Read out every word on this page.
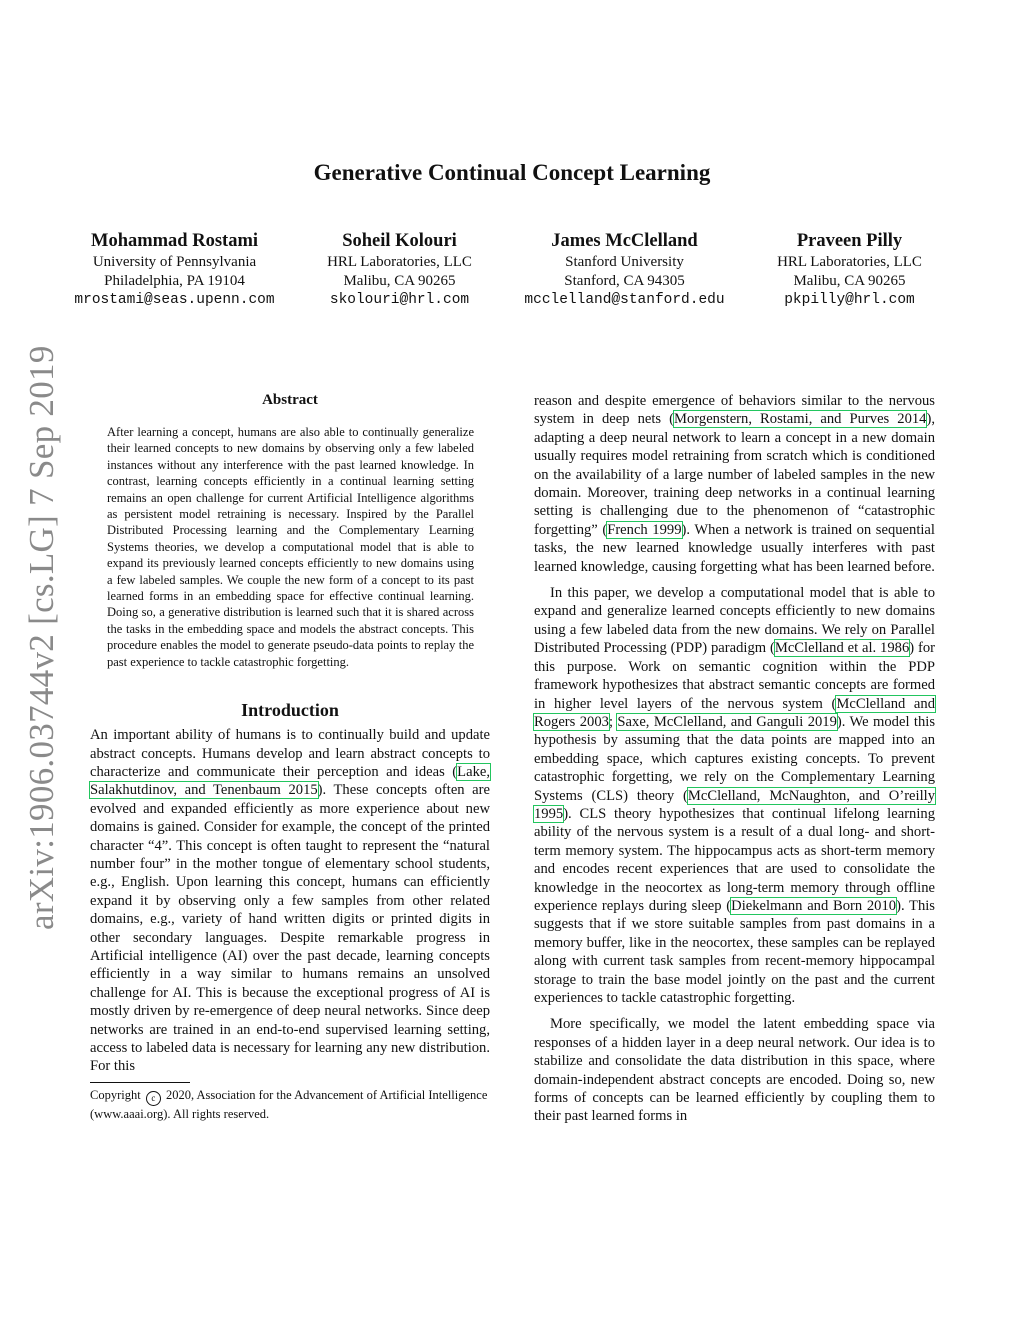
arXiv:1906.03744v2 [cs.LG] 7 Sep 2019
Generative Continual Concept Learning
Mohammad Rostami
University of Pennsylvania
Philadelphia, PA 19104
mrostami@seas.upenn.com
Soheil Kolouri
HRL Laboratories, LLC
Malibu, CA 90265
skolouri@hrl.com
James McClelland
Stanford University
Stanford, CA 94305
mcclelland@stanford.edu
Praveen Pilly
HRL Laboratories, LLC
Malibu, CA 90265
pkpilly@hrl.com
Abstract
After learning a concept, humans are also able to continually generalize their learned concepts to new domains by observing only a few labeled instances without any interference with the past learned knowledge. In contrast, learning concepts efficiently in a continual learning setting remains an open challenge for current Artificial Intelligence algorithms as persistent model retraining is necessary. Inspired by the Parallel Distributed Processing learning and the Complementary Learning Systems theories, we develop a computational model that is able to expand its previously learned concepts efficiently to new domains using a few labeled samples. We couple the new form of a concept to its past learned forms in an embedding space for effective continual learning. Doing so, a generative distribution is learned such that it is shared across the tasks in the embedding space and models the abstract concepts. This procedure enables the model to generate pseudo-data points to replay the past experience to tackle catastrophic forgetting.
Introduction

An important ability of humans is to continually build and update abstract concepts. Humans develop and learn abstract concepts to characterize and communicate their perception and ideas (Lake, Salakhutdinov, and Tenenbaum 2015). These concepts often are evolved and expanded efficiently as more experience about new domains is gained. Consider for example, the concept of the printed character “4”. This concept is often taught to represent the “natural number four” in the mother tongue of elementary school students, e.g., English. Upon learning this concept, humans can efficiently expand it by observing only a few samples from other related domains, e.g., variety of hand written digits or printed digits in other secondary languages. Despite remarkable progress in Artificial intelligence (AI) over the past decade, learning concepts efficiently in a way similar to humans remains an unsolved challenge for AI. This is because the exceptional progress of AI is mostly driven by re-emergence of deep neural networks. Since deep networks are trained in an end-to-end supervised learning setting, access to labeled data is necessary for learning any new distribution. For this

Copyright c 2020, Association for the Advancement of Artificial Intelligence (www.aaai.org). All rights reserved.

reason and despite emergence of behaviors similar to the nervous system in deep nets (Morgenstern, Rostami, and Purves 2014), adapting a deep neural network to learn a concept in a new domain usually requires model retraining from scratch which is conditioned on the availability of a large number of labeled samples in the new domain. Moreover, training deep networks in a continual learning setting is challenging due to the phenomenon of “catastrophic forgetting” (French 1999). When a network is trained on sequential tasks, the new learned knowledge usually interferes with past learned knowledge, causing forgetting what has been learned before.

In this paper, we develop a computational model that is able to expand and generalize learned concepts efficiently to new domains using a few labeled data from the new domains. We rely on Parallel Distributed Processing (PDP) paradigm (McClelland et al. 1986) for this purpose. Work on semantic cognition within the PDP framework hypothesizes that abstract semantic concepts are formed in higher level layers of the nervous system (McClelland and Rogers 2003; Saxe, McClelland, and Ganguli 2019). We model this hypothesis by assuming that the data points are mapped into an embedding space, which captures existing concepts. To prevent catastrophic forgetting, we rely on the Complementary Learning Systems (CLS) theory (McClelland, McNaughton, and O’reilly 1995). CLS theory hypothesizes that continual lifelong learning ability of the nervous system is a result of a dual long- and short-term memory system. The hippocampus acts as short-term memory and encodes recent experiences that are used to consolidate the knowledge in the neocortex as long-term memory through offline experience replays during sleep (Diekelmann and Born 2010). This suggests that if we store suitable samples from past domains in a memory buffer, like in the neocortex, these samples can be replayed along with current task samples from recent-memory hippocampal storage to train the base model jointly on the past and the current experiences to tackle catastrophic forgetting.

More specifically, we model the latent embedding space via responses of a hidden layer in a deep neural network. Our idea is to stabilize and consolidate the data distribution in this space, where domain-independent abstract concepts are encoded. Doing so, new forms of concepts can be learned efficiently by coupling them to their past learned forms in
